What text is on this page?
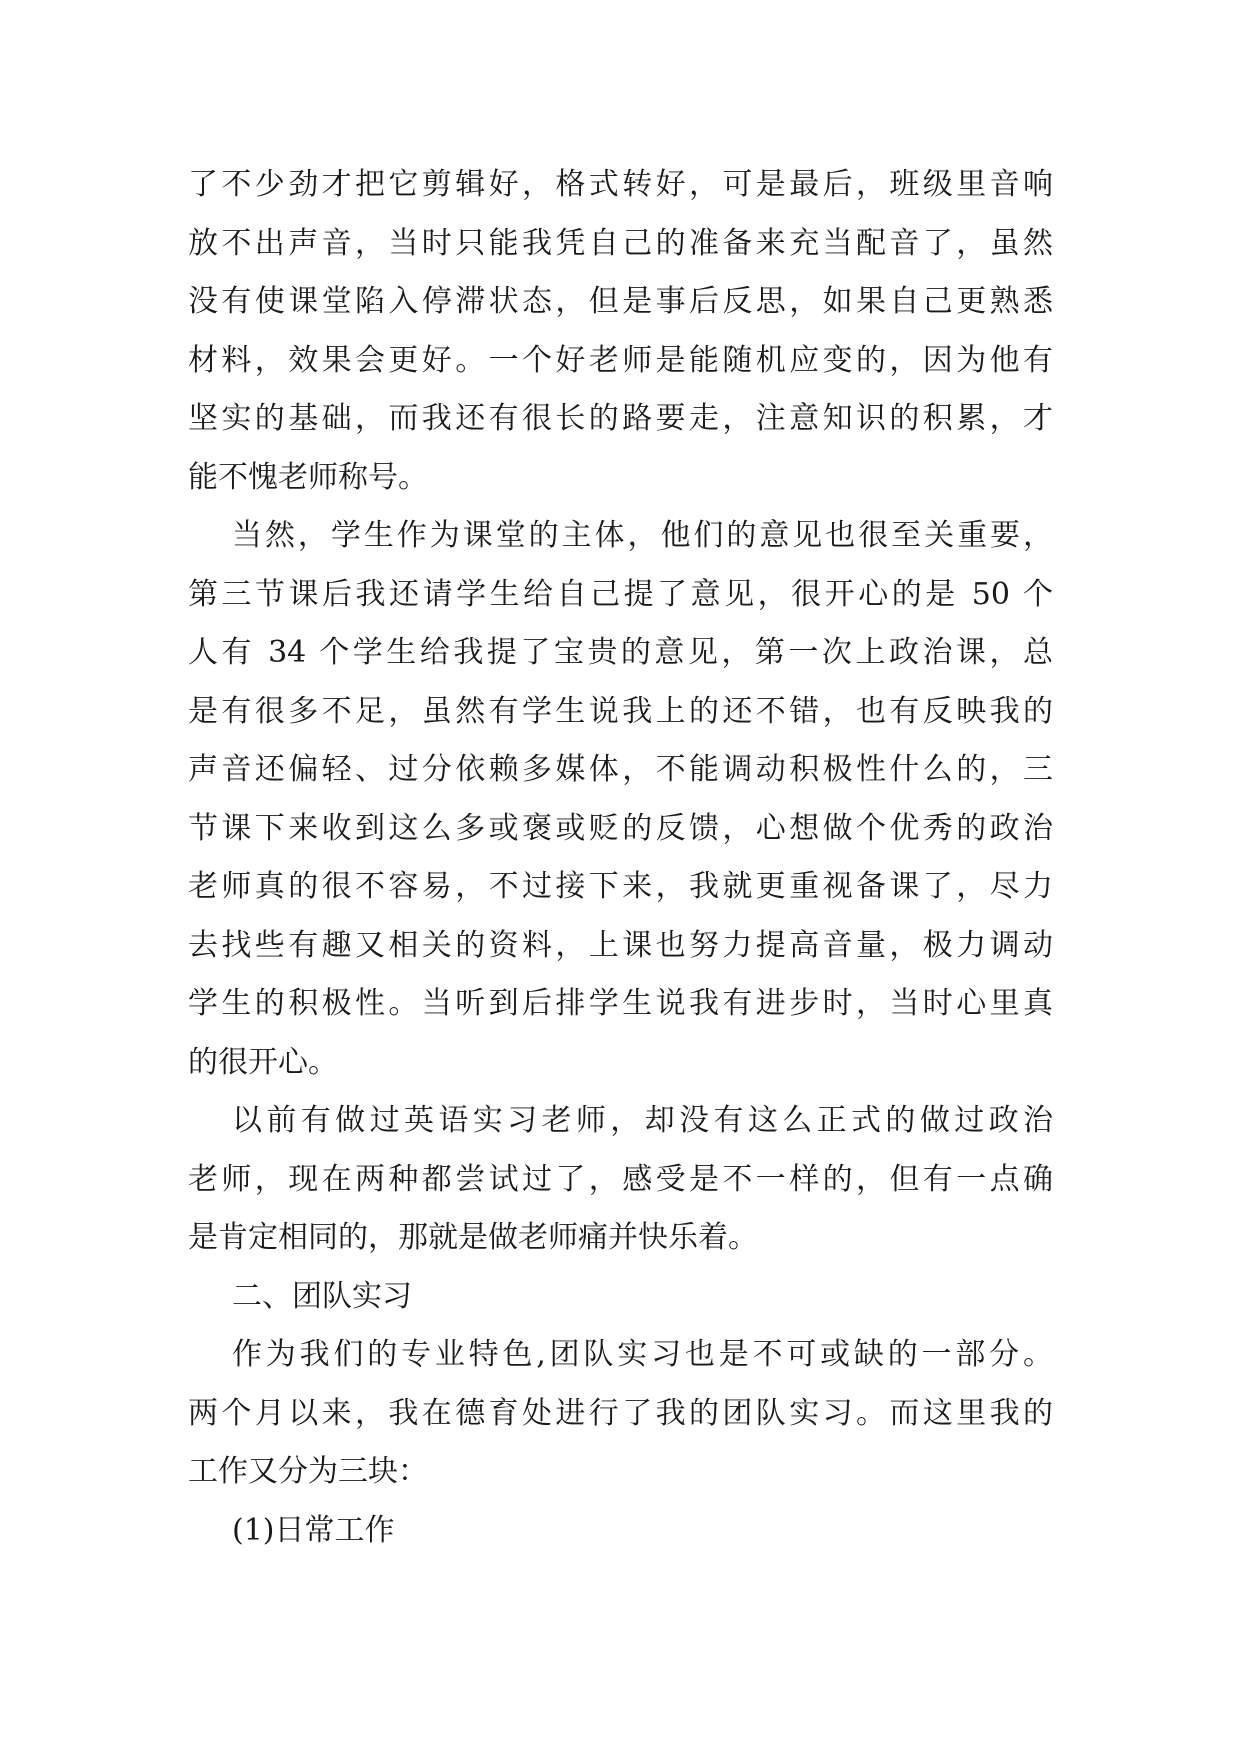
了不少劲才把它剪辑好，格式转好，可是最后，班级里音响
放不出声音，当时只能我凭自己的准备来充当配音了，虽然
没有使课堂陷入停滞状态，但是事后反思，如果自己更熟悉
材料，效果会更好。一个好老师是能随机应变的，因为他有
坚实的基础，而我还有很长的路要走，注意知识的积累，才
能不愧老师称号。
当然，学生作为课堂的主体，他们的意见也很至关重要，
第三节课后我还请学生给自己提了意见，很开心的是 50 个
人有 34 个学生给我提了宝贵的意见，第一次上政治课，总
是有很多不足，虽然有学生说我上的还不错，也有反映我的
声音还偏轻、过分依赖多媒体，不能调动积极性什么的，三
节课下来收到这么多或褒或贬的反馈，心想做个优秀的政治
老师真的很不容易，不过接下来，我就更重视备课了，尽力
去找些有趣又相关的资料，上课也努力提高音量，极力调动
学生的积极性。当听到后排学生说我有进步时，当时心里真
的很开心。
以前有做过英语实习老师，却没有这么正式的做过政治
老师，现在两种都尝试过了，感受是不一样的，但有一点确
是肯定相同的，那就是做老师痛并快乐着。
二、团队实习
作为我们的专业特色,团队实习也是不可或缺的一部分。
两个月以来，我在德育处进行了我的团队实习。而这里我的
工作又分为三块：
(1)日常工作
